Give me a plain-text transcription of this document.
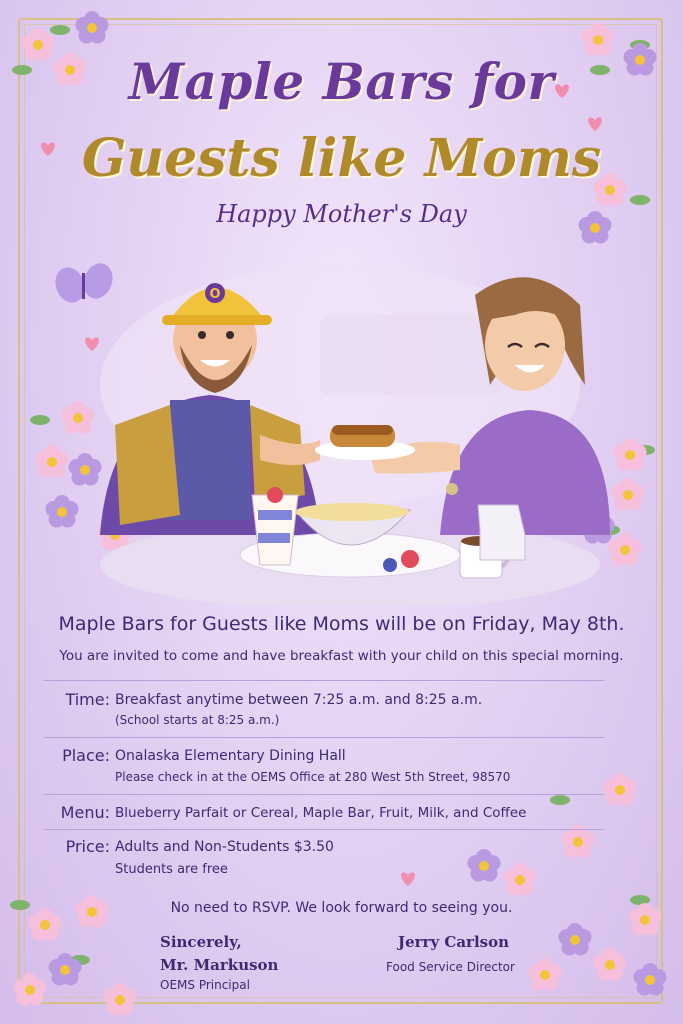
Maple Bars for
Guests like Moms
Happy Mother's Day
O
Maple Bars for Guests like Moms will be on Friday, May 8th.
You are invited to come and have breakfast with your child on this special morning.
Time: Breakfast anytime between 7:25 a.m. and 8:25 a.m.
(School starts at 8:25 a.m.)
Place: Onalaska Elementary Dining Hall
Please check in at the OEMS Office at 280 West 5th Street, 98570
Menu: Blueberry Parfait or Cereal, Maple Bar, Fruit, Milk, and Coffee
Price: Adults and Non-Students $3.50
Students are free
No need to RSVP. We look forward to seeing you.
Sincerely,
Mr. Markuson
OEMS Principal
Jerry Carlson
Food Service Director
